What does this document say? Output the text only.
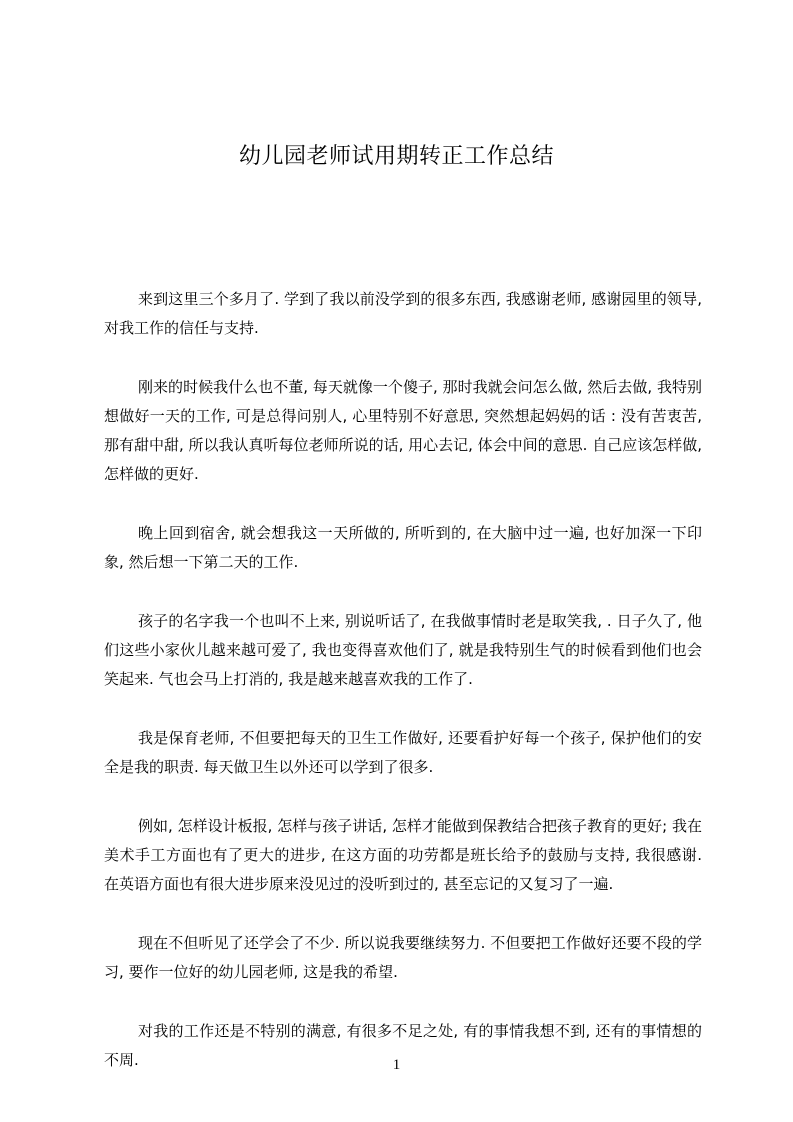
幼儿园老师试用期转正工作总结

来到这里三个多月了. 学到了我以前没学到的很多东西, 我感谢老师, 感谢园里的领导, 对我工作的信任与支持.

刚来的时候我什么也不董, 每天就像一个傻子, 那时我就会问怎么做, 然后去做, 我特别想做好一天的工作, 可是总得问别人, 心里特别不好意思, 突然想起妈妈的话 : 没有苦衷苦, 那有甜中甜, 所以我认真听每位老师所说的话, 用心去记, 体会中间的意思. 自己应该怎样做, 怎样做的更好.

晚上回到宿舍, 就会想我这一天所做的, 所听到的, 在大脑中过一遍, 也好加深一下印象, 然后想一下第二天的工作.

孩子的名字我一个也叫不上来, 别说听话了, 在我做事情时老是取笑我, . 日子久了, 他们这些小家伙儿越来越可爱了, 我也变得喜欢他们了, 就是我特别生气的时候看到他们也会笑起来. 气也会马上打消的, 我是越来越喜欢我的工作了.

我是保育老师, 不但要把每天的卫生工作做好, 还要看护好每一个孩子, 保护他们的安全是我的职责. 每天做卫生以外还可以学到了很多.

例如, 怎样设计板报, 怎样与孩子讲话, 怎样才能做到保教结合把孩子教育的更好; 我在美术手工方面也有了更大的进步, 在这方面的功劳都是班长给予的鼓励与支持, 我很感谢. 在英语方面也有很大进步原来没见过的没听到过的, 甚至忘记的又复习了一遍.

现在不但听见了还学会了不少. 所以说我要继续努力. 不但要把工作做好还要不段的学习, 要作一位好的幼儿园老师, 这是我的希望.

对我的工作还是不特别的满意, 有很多不足之处, 有的事情我想不到, 还有的事情想的不周.	1
